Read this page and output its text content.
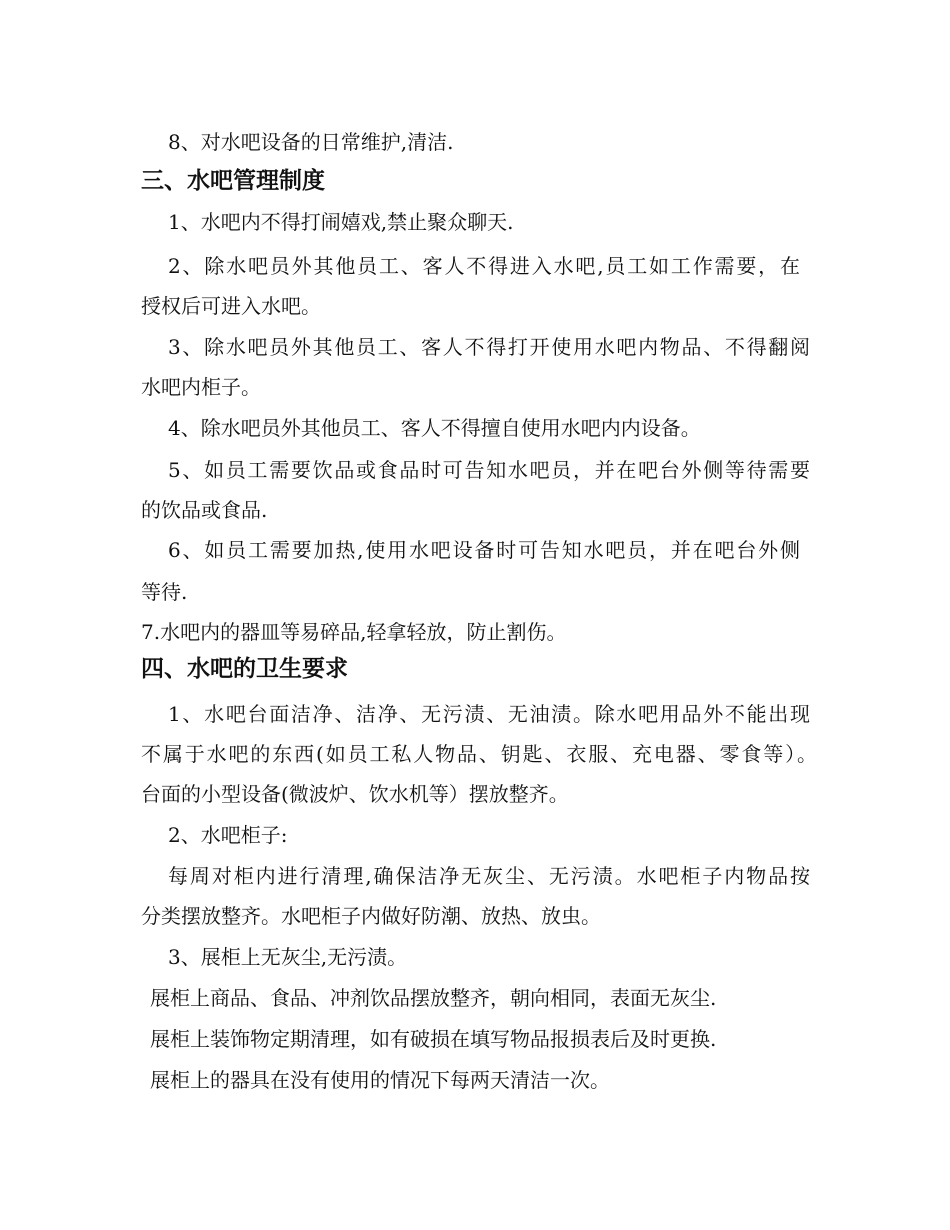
8、对水吧设备的日常维护,清洁.
三、水吧管理制度
1、水吧内不得打闹嬉戏,禁止聚众聊天.
2、除水吧员外其他员工、客人不得进入水吧,员工如工作需要，在
授权后可进入水吧。
3、除水吧员外其他员工、客人不得打开使用水吧内物品、不得翻阅
水吧内柜子。
4、除水吧员外其他员工、客人不得擅自使用水吧内内设备。
5、如员工需要饮品或食品时可告知水吧员，并在吧台外侧等待需要
的饮品或食品.
6、如员工需要加热,使用水吧设备时可告知水吧员，并在吧台外侧
等待.
7.水吧内的器皿等易碎品,轻拿轻放，防止割伤。
四、水吧的卫生要求
1、水吧台面洁净、洁净、无污渍、无油渍。除水吧用品外不能出现
不属于水吧的东西(如员工私人物品、钥匙、衣服、充电器、零食等）。
台面的小型设备(微波炉、饮水机等）摆放整齐。
2、水吧柜子:
每周对柜内进行清理,确保洁净无灰尘、无污渍。水吧柜子内物品按
分类摆放整齐。水吧柜子内做好防潮、放热、放虫。
3、展柜上无灰尘,无污渍。
展柜上商品、食品、冲剂饮品摆放整齐，朝向相同，表面无灰尘.
展柜上装饰物定期清理，如有破损在填写物品报损表后及时更换.
展柜上的器具在没有使用的情况下每两天清洁一次。
